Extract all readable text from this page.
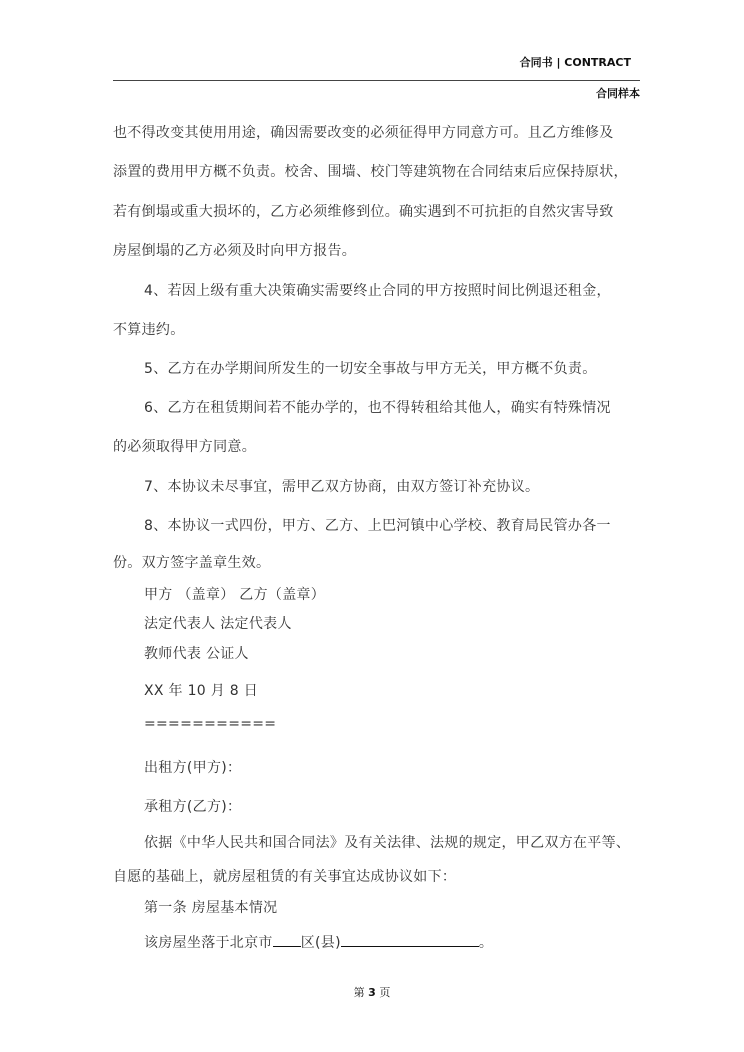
合同书 | CONTRACT
合同样本
也不得改变其使用用途，确因需要改变的必须征得甲方同意方可。且乙方维修及
添置的费用甲方概不负责。校舍、围墙、校门等建筑物在合同结束后应保持原状，
若有倒塌或重大损坏的，乙方必须维修到位。确实遇到不可抗拒的自然灾害导致
房屋倒塌的乙方必须及时向甲方报告。
4、若因上级有重大决策确实需要终止合同的甲方按照时间比例退还租金，
不算违约。
5、乙方在办学期间所发生的一切安全事故与甲方无关，甲方概不负责。
6、乙方在租赁期间若不能办学的，也不得转租给其他人，确实有特殊情况
的必须取得甲方同意。
7、本协议未尽事宜，需甲乙双方协商，由双方签订补充协议。
8、本协议一式四份，甲方、乙方、上巴河镇中心学校、教育局民管办各一
份。双方签字盖章生效。
甲方 （盖章） 乙方（盖章）
法定代表人 法定代表人
教师代表 公证人
XX 年 10 月 8 日
===========
出租方(甲方)：
承租方(乙方)：
依据《中华人民共和国合同法》及有关法律、法规的规定，甲乙双方在平等、
自愿的基础上，就房屋租赁的有关事宜达成协议如下：
第一条 房屋基本情况
该房屋坐落于北京市 区(县)	。
第 3 页
